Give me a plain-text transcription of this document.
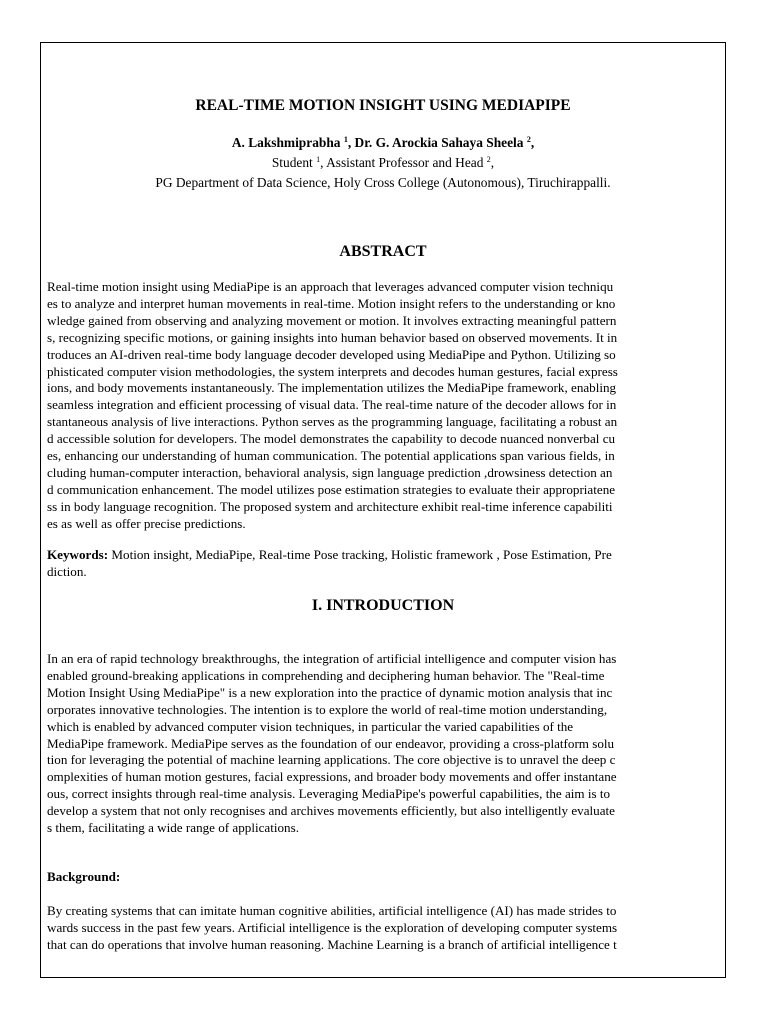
REAL-TIME MOTION INSIGHT USING MEDIAPIPE
A. Lakshmiprabha $^1$, Dr. G. Arockia Sahaya Sheela $^2$,
Student $^1$, Assistant Professor and Head $^2$,
PG Department of Data Science, Holy Cross College (Autonomous), Tiruchirappalli.
ABSTRACT
Real-time motion insight using MediaPipe is an approach that leverages advanced computer vision techniqu
es to analyze and interpret human movements in real-time. Motion insight refers to the understanding or kno
wledge gained from observing and analyzing movement or motion. It involves extracting meaningful pattern
s, recognizing specific motions, or gaining insights into human behavior based on observed movements. It in
troduces an AI-driven real-time body language decoder developed using MediaPipe and Python. Utilizing so
phisticated computer vision methodologies, the system interprets and decodes human gestures, facial express
ions, and body movements instantaneously. The implementation utilizes the MediaPipe framework, enabling
seamless integration and efficient processing of visual data. The real-time nature of the decoder allows for in
stantaneous analysis of live interactions. Python serves as the programming language, facilitating a robust an
d accessible solution for developers. The model demonstrates the capability to decode nuanced nonverbal cu
es, enhancing our understanding of human communication. The potential applications span various fields, in
cluding human-computer interaction, behavioral analysis, sign language prediction ,drowsiness detection an
d communication enhancement. The model utilizes pose estimation strategies to evaluate their appropriatene
ss in body language recognition. The proposed system and architecture exhibit real-time inference capabiliti
es as well as offer precise predictions.
Keywords: Motion insight, MediaPipe, Real-time Pose tracking, Holistic framework , Pose Estimation, Pre
diction.
I. INTRODUCTION
In an era of rapid technology breakthroughs, the integration of artificial intelligence and computer vision has
enabled ground-breaking applications in comprehending and deciphering human behavior. The "Real-time
Motion Insight Using MediaPipe" is a new exploration into the practice of dynamic motion analysis that inc
orporates innovative technologies. The intention is to explore the world of real-time motion understanding,
which is enabled by advanced computer vision techniques, in particular the varied capabilities of the
MediaPipe framework. MediaPipe serves as the foundation of our endeavor, providing a cross-platform solu
tion for leveraging the potential of machine learning applications. The core objective is to unravel the deep c
omplexities of human motion gestures, facial expressions, and broader body movements and offer instantane
ous, correct insights through real-time analysis. Leveraging MediaPipe's powerful capabilities, the aim is to
develop a system that not only recognises and archives movements efficiently, but also intelligently evaluate
s them, facilitating a wide range of applications.
Background:
By creating systems that can imitate human cognitive abilities, artificial intelligence (AI) has made strides to
wards success in the past few years. Artificial intelligence is the exploration of developing computer systems
that can do operations that involve human reasoning. Machine Learning is a branch of artificial intelligence t
